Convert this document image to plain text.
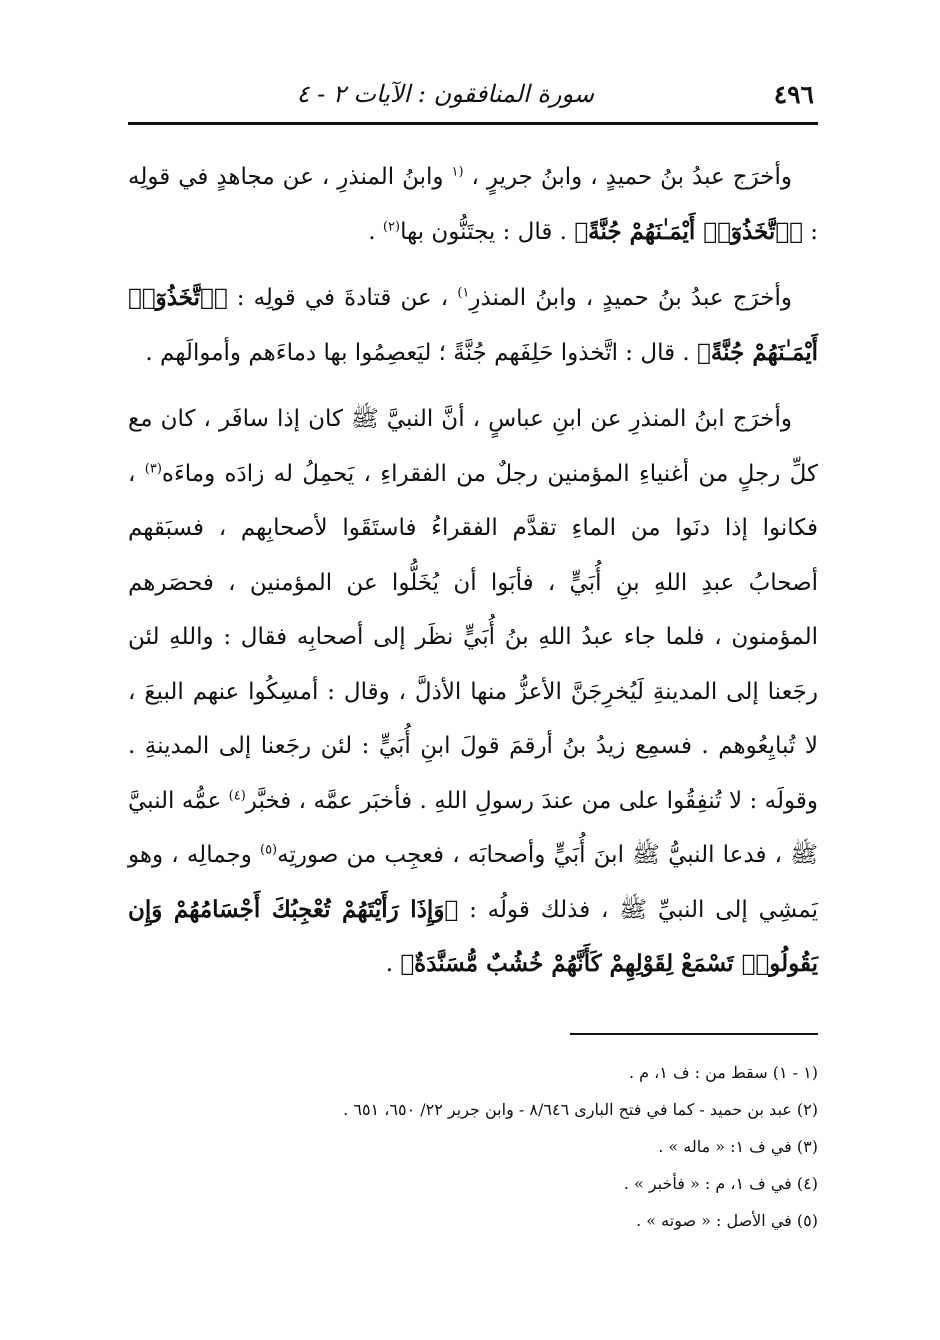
٤٩٦
سورة المنافقون : الآيات ٢ - ٤

وأخرَج عبدُ بنُ حميدٍ ، وابنُ جريرٍ ، $^{(١}$ وابنُ المنذرِ ، عن مجاهدٍ في قولِه : ﴿ٱتَّخَذُوٓا۟ أَيْمَـٰنَهُمْ جُنَّةً﴾ . قال : يجتَنُّون بها$^{(٢)}$ .

وأخرَج عبدُ بنُ حميدٍ ، وابنُ المنذرِ$^{١)}$ ، عن قتادةَ في قولِه : ﴿ٱتَّخَذُوٓا۟ أَيْمَـٰنَهُمْ جُنَّةً﴾ . قال : اتَّخذوا حَلِفَهم جُنَّةً ؛ ليَعصِمُوا بها دماءَهم وأموالَهم .

وأخرَج ابنُ المنذرِ عن ابنِ عباسٍ ، أنَّ النبيَّ ﷺ كان إذا سافَر ، كان مع كلِّ رجلٍ من أغنياءِ المؤمنين رجلٌ من الفقراءِ ، يَحمِلُ له زادَه وماءَه$^{(٣)}$ ، فكانوا إذا دنَوا من الماءِ تقدَّم الفقراءُ فاستَقَوا لأصحابِهم ، فسبَقهم أصحابُ عبدِ اللهِ بنِ أُبَيٍّ ، فأبَوا أن يُخَلُّوا عن المؤمنين ، فحصَرهم المؤمنون ، فلما جاء عبدُ اللهِ بنُ أُبَيٍّ نظَر إلى أصحابِه فقال : واللهِ لئن رجَعنا إلى المدينةِ لَيُخرِجَنَّ الأعزُّ منها الأذلَّ ، وقال : أمسِكُوا عنهم البيعَ ، لا تُبايِعُوهم . فسمِع زيدُ بنُ أرقمَ قولَ ابنِ أُبَيٍّ : لئن رجَعنا إلى المدينةِ . وقولَه : لا تُنفِقُوا على من عندَ رسولِ اللهِ . فأخبَر عمَّه ، فخبَّر$^{(٤)}$ عمُّه النبيَّ ﷺ ، فدعا النبيُّ ﷺ ابنَ أُبَيٍّ وأصحابَه ، فعجِب من صورتِه$^{(٥)}$ وجمالِه ، وهو يَمشِي إلى النبيِّ ﷺ ، فذلك قولُه : ﴿وَإِذَا رَأَيْتَهُمْ تُعْجِبُكَ أَجْسَامُهُمْ وَإِن يَقُولُوا۟ تَسْمَعْ لِقَوْلِهِمْ كَأَنَّهُمْ خُشُبٌ مُّسَنَّدَةٌ﴾ .

(١ - ١) سقط من : ف ١، م .
(٢) عبد بن حميد - كما في فتح البارى ٨/٦٤٦ - وابن جرير ٢٢/ ٦٥٠، ٦٥١ .
(٣) في ف ١: « ماله » .
(٤) في ف ١، م : « فأخبر » .
(٥) في الأصل : « صوته » .
